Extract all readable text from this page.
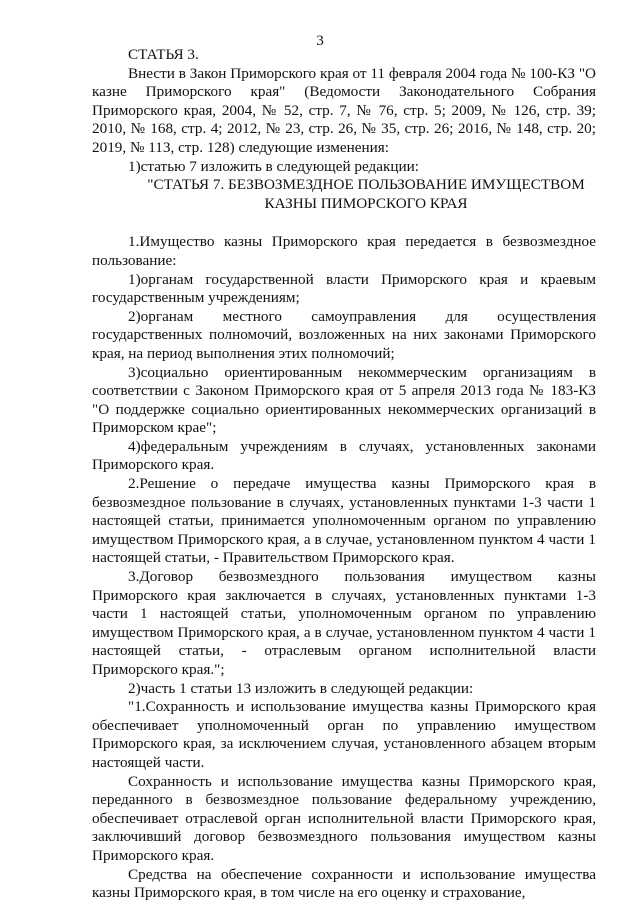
3

СТАТЬЯ 3.

Внести в Закон Приморского края от 11 февраля 2004 года № 100-КЗ "О казне Приморского края" (Ведомости Законодательного Собрания Приморского края, 2004, № 52, стр. 7, № 76, стр. 5; 2009, № 126, стр. 39; 2010, № 168, стр. 4; 2012, № 23, стр. 26, № 35, стр. 26; 2016, № 148, стр. 20; 2019, № 113, стр. 128) следующие изменения:

1)статью 7 изложить в следующей редакции:

"СТАТЬЯ 7. БЕЗВОЗМЕЗДНОЕ ПОЛЬЗОВАНИЕ ИМУЩЕСТВОМ

КАЗНЫ ПИМОРСКОГО КРАЯ

1.Имущество казны Приморского края передается в безвозмездное пользование:

1)органам государственной власти Приморского края и краевым государственным учреждениям;

2)органам местного самоуправления для осуществления государственных полномочий, возложенных на них законами Приморского края, на период выполнения этих полномочий;

3)социально ориентированным некоммерческим организациям в соответствии с Законом Приморского края от 5 апреля 2013 года № 183-КЗ "О поддержке социально ориентированных некоммерческих организаций в Приморском крае";

4)федеральным учреждениям в случаях, установленных законами Приморского края.

2.Решение о передаче имущества казны Приморского края в безвозмездное пользование в случаях, установленных пунктами 1-3 части 1 настоящей статьи, принимается уполномоченным органом по управлению имуществом Приморского края, а в случае, установленном пунктом 4 части 1 настоящей статьи, - Правительством Приморского края.

3.Договор безвозмездного пользования имуществом казны Приморского края заключается в случаях, установленных пунктами 1-3 части 1 настоящей статьи, уполномоченным органом по управлению имуществом Приморского края, а в случае, установленном пунктом 4 части 1 настоящей статьи, - отраслевым органом исполнительной власти Приморского края.";

2)часть 1 статьи 13 изложить в следующей редакции:

"1.Сохранность и использование имущества казны Приморского края обеспечивает уполномоченный орган по управлению имуществом Приморского края, за исключением случая, установленного абзацем вторым настоящей части.

Сохранность и использование имущества казны Приморского края, переданного в безвозмездное пользование федеральному учреждению, обеспечивает отраслевой орган исполнительной власти Приморского края, заключивший договор безвозмездного пользования имуществом казны Приморского края.

Средства на обеспечение сохранности и использование имущества казны Приморского края, в том числе на его оценку и страхование,
